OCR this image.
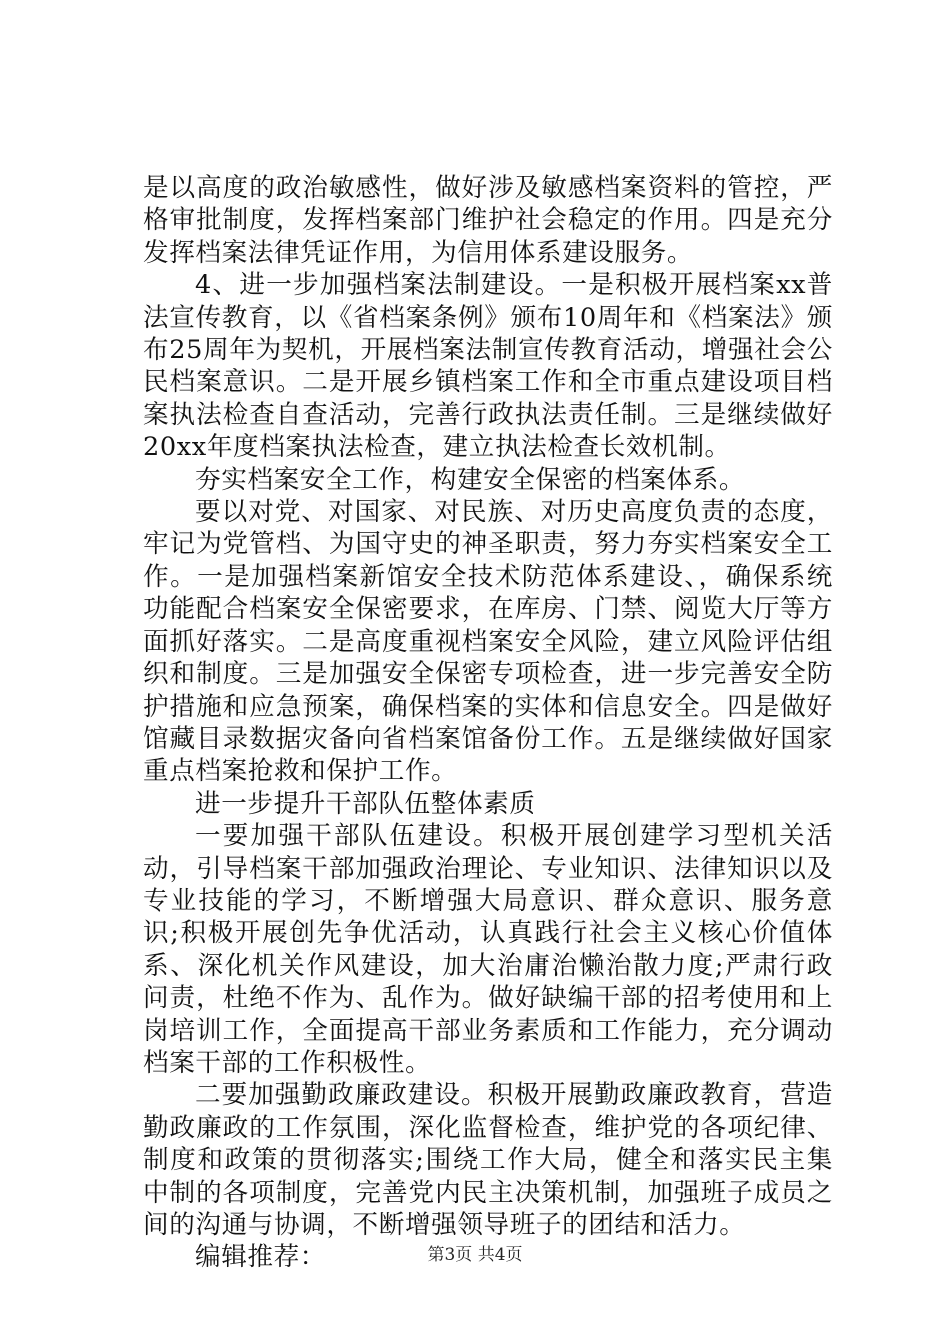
是以高度的政治敏感性，做好涉及敏感档案资料的管控，严格审批制度，发挥档案部门维护社会稳定的作用。四是充分发挥档案法律凭证作用，为信用体系建设服务。

4、进一步加强档案法制建设。一是积极开展档案xx普法宣传教育，以《省档案条例》颁布10周年和《档案法》颁布25周年为契机，开展档案法制宣传教育活动，增强社会公民档案意识。二是开展乡镇档案工作和全市重点建设项目档案执法检查自查活动，完善行政执法责任制。三是继续做好20xx年度档案执法检查，建立执法检查长效机制。

夯实档案安全工作，构建安全保密的档案体系。

要以对党、对国家、对民族、对历史高度负责的态度，牢记为党管档、为国守史的神圣职责，努力夯实档案安全工作。一是加强档案新馆安全技术防范体系建设、，确保系统功能配合档案安全保密要求，在库房、门禁、阅览大厅等方面抓好落实。二是高度重视档案安全风险，建立风险评估组织和制度。三是加强安全保密专项检查，进一步完善安全防护措施和应急预案，确保档案的实体和信息安全。四是做好馆藏目录数据灾备向省档案馆备份工作。五是继续做好国家重点档案抢救和保护工作。

进一步提升干部队伍整体素质

一要加强干部队伍建设。积极开展创建学习型机关活动，引导档案干部加强政治理论、专业知识、法律知识以及专业技能的学习，不断增强大局意识、群众意识、服务意识;积极开展创先争优活动，认真践行社会主义核心价值体系、深化机关作风建设，加大治庸治懒治散力度;严肃行政问责，杜绝不作为、乱作为。做好缺编干部的招考使用和上岗培训工作，全面提高干部业务素质和工作能力，充分调动档案干部的工作积极性。

二要加强勤政廉政建设。积极开展勤政廉政教育，营造勤政廉政的工作氛围，深化监督检查，维护党的各项纪律、制度和政策的贯彻落实;围绕工作大局，健全和落实民主集中制的各项制度，完善党内民主决策机制，加强班子成员之间的沟通与协调，不断增强领导班子的团结和活力。

编辑推荐：	第3页 共4页
